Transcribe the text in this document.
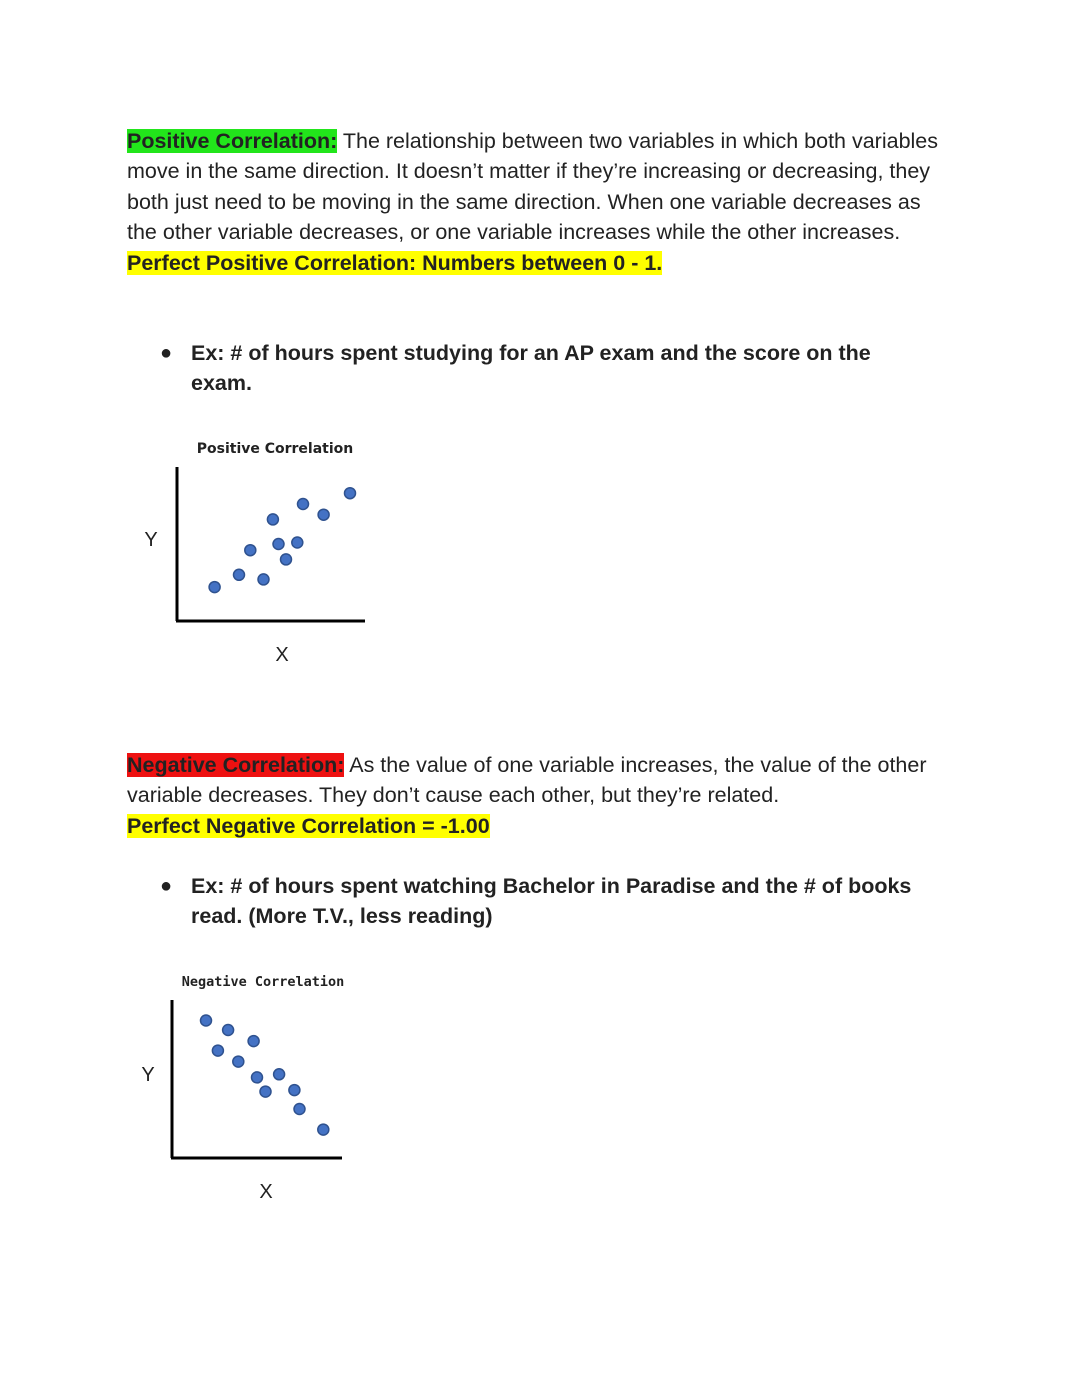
Positive Correlation: The relationship between two variables in which both variables move in the same direction. It doesn’t matter if they’re increasing or decreasing, they both just need to be moving in the same direction. When one variable decreases as the other variable decreases, or one variable increases while the other increases. Perfect Positive Correlation: Numbers between 0 - 1.

● Ex: # of hours spent studying for an AP exam and the score on the exam.
Positive Correlation
Y
X

Negative Correlation: As the value of one variable increases, the value of the other variable decreases. They don’t cause each other, but they’re related.
Perfect Negative Correlation = -1.00

● Ex: # of hours spent watching Bachelor in Paradise and the # of books read. (More T.V., less reading)
Negative Correlation
Y
X
